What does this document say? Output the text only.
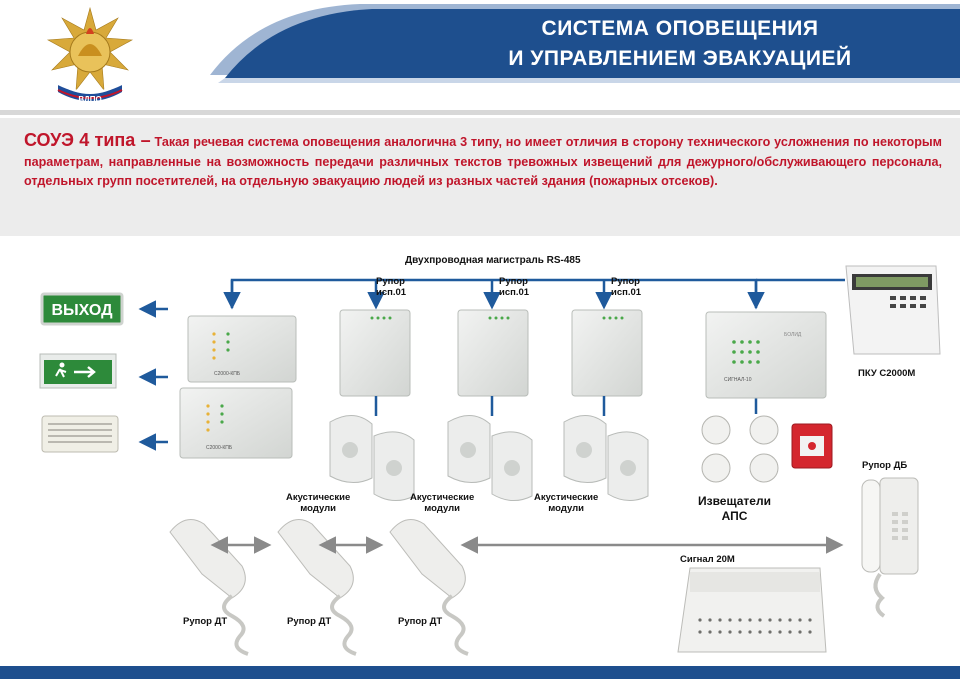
СИСТЕМА ОПОВЕЩЕНИЯ
И УПРАВЛЕНИЕМ ЭВАКУАЦИЕЙ
ВДПО
СОУЭ 4 типа – Такая речевая система оповещения аналогична 3 типу, но имеет отличия в сторону технического усложнения по некоторым параметрам, направленные на возможность передачи различных текстов тревожных извещений для дежурного/обслуживающего персонала, отдельных групп посетителей, на отдельную эвакуацию людей из разных частей здания (пожарных отсеков).
ВЫХОД
С2000-КПБ
С2000-КПБ
СИГНАЛ-10
БОЛИД
Двухпроводная магистраль RS-485
Рупор
исп.01
Рупор
исп.01
Рупор
исп.01
ПКУ С2000М
Акустические
модули
Акустические
модули
Акустические
модули
Извещатели
АПС
Рупор ДБ
Сигнал 20М
Рупор ДТ	Рупор ДТ	Рупор ДТ
